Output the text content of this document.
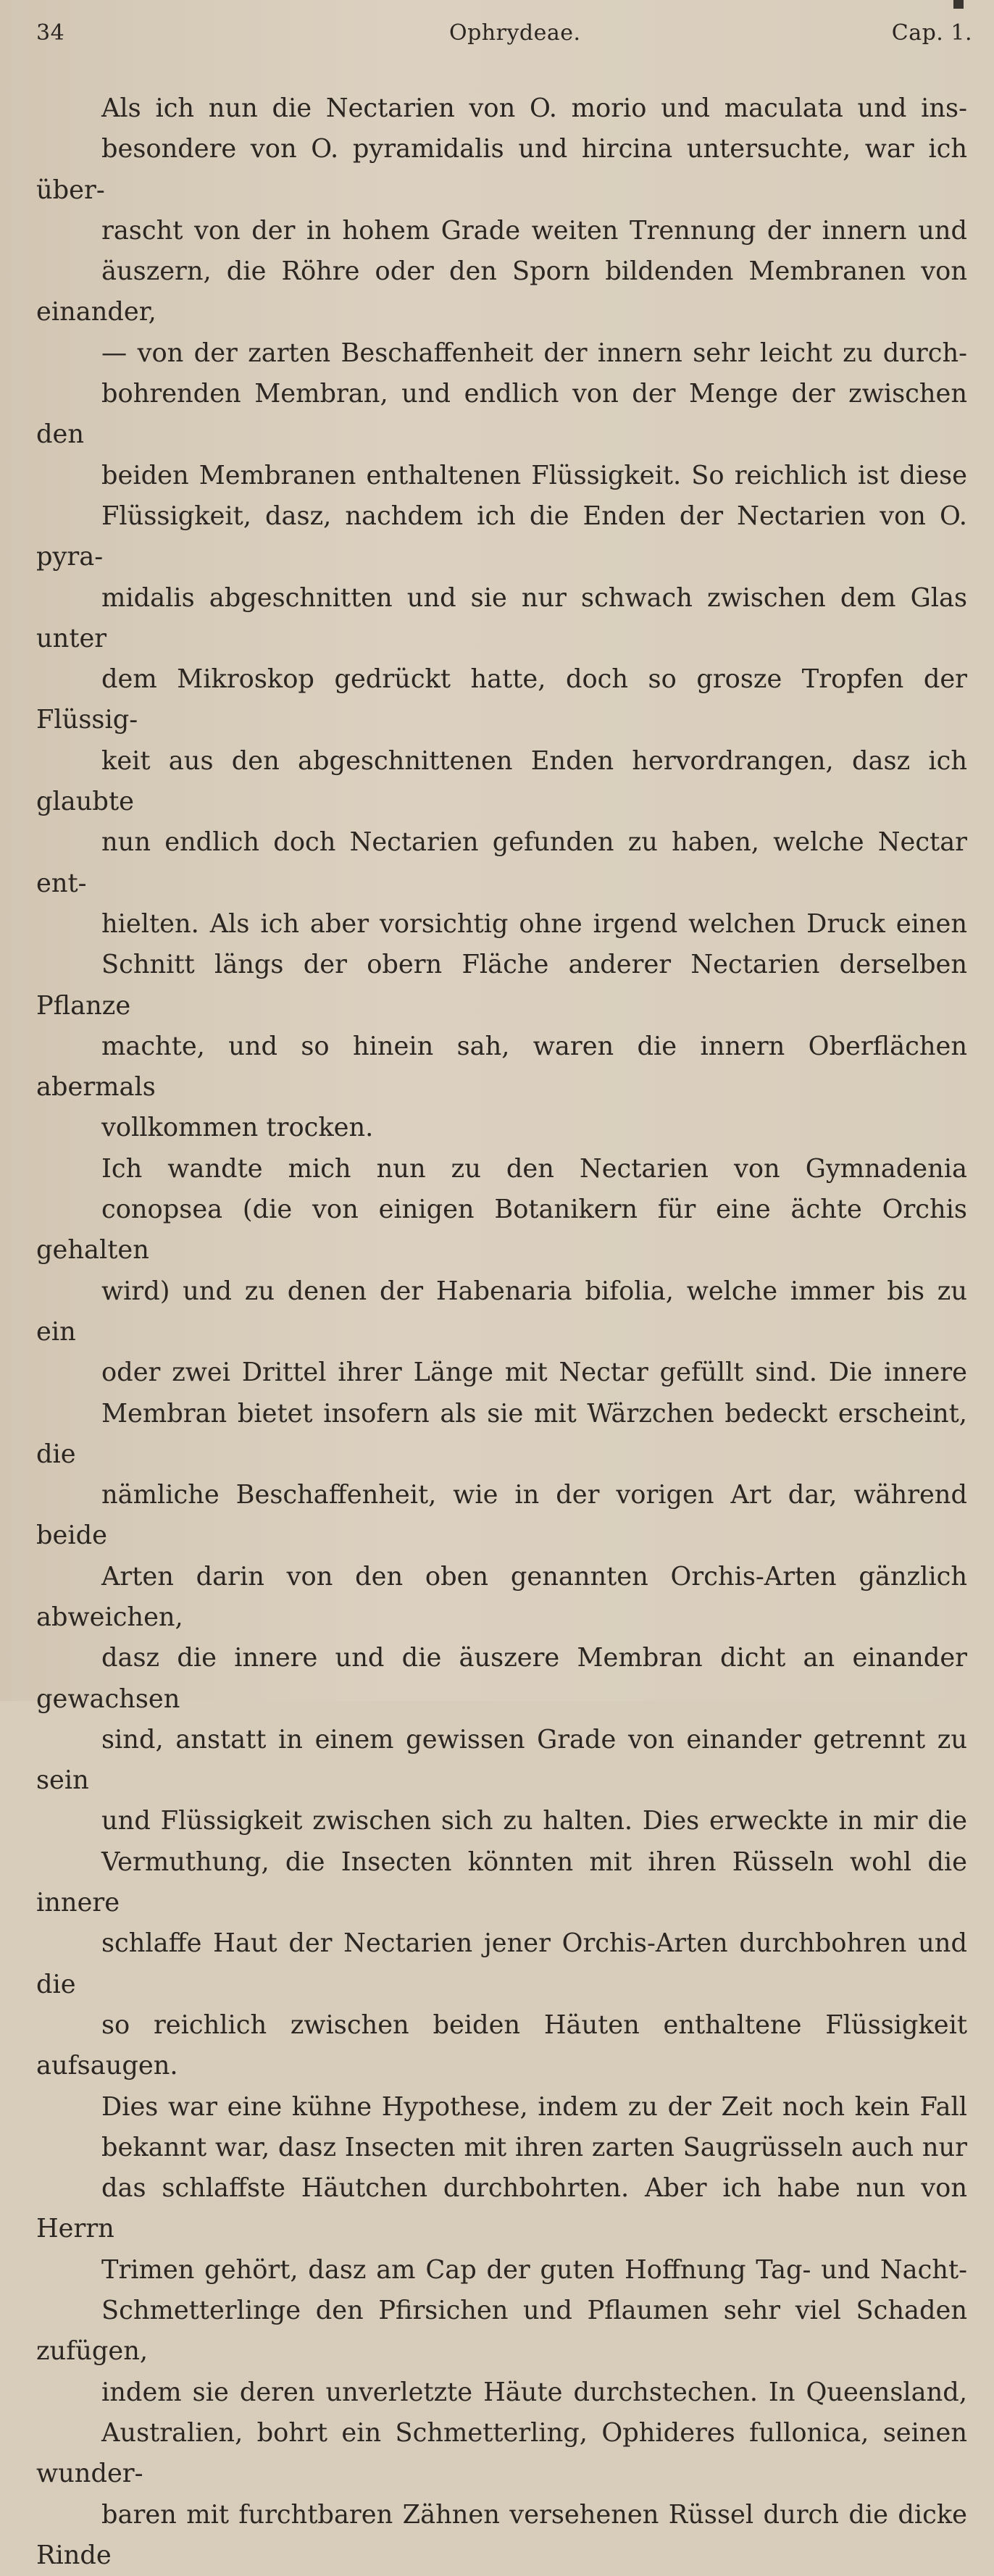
34	Ophrydeae.	Cap. 1.

Als ich nun die Nectarien von O. morio und maculata und ins-
besondere von O. pyramidalis und hircina untersuchte, war ich über-
rascht von der in hohem Grade weiten Trennung der innern und
äuszern, die Röhre oder den Sporn bildenden Membranen von einander,
— von der zarten Beschaffenheit der innern sehr leicht zu durch-
bohrenden Membran, und endlich von der Menge der zwischen den
beiden Membranen enthaltenen Flüssigkeit. So reichlich ist diese
Flüssigkeit, dasz, nachdem ich die Enden der Nectarien von O. pyra-
midalis abgeschnitten und sie nur schwach zwischen dem Glas unter
dem Mikroskop gedrückt hatte, doch so grosze Tropfen der Flüssig-
keit aus den abgeschnittenen Enden hervordrangen, dasz ich glaubte
nun endlich doch Nectarien gefunden zu haben, welche Nectar ent-
hielten. Als ich aber vorsichtig ohne irgend welchen Druck einen
Schnitt längs der obern Fläche anderer Nectarien derselben Pflanze
machte, und so hinein sah, waren die innern Oberflächen abermals
vollkommen trocken.

Ich wandte mich nun zu den Nectarien von Gymnadenia
conopsea (die von einigen Botanikern für eine ächte Orchis gehalten
wird) und zu denen der Habenaria bifolia, welche immer bis zu ein
oder zwei Drittel ihrer Länge mit Nectar gefüllt sind. Die innere
Membran bietet insofern als sie mit Wärzchen bedeckt erscheint, die
nämliche Beschaffenheit, wie in der vorigen Art dar, während beide
Arten darin von den oben genannten Orchis-Arten gänzlich abweichen,
dasz die innere und die äuszere Membran dicht an einander gewachsen
sind, anstatt in einem gewissen Grade von einander getrennt zu sein
und Flüssigkeit zwischen sich zu halten. Dies erweckte in mir die
Vermuthung, die Insecten könnten mit ihren Rüsseln wohl die innere
schlaffe Haut der Nectarien jener Orchis-Arten durchbohren und die
so reichlich zwischen beiden Häuten enthaltene Flüssigkeit aufsaugen.
Dies war eine kühne Hypothese, indem zu der Zeit noch kein Fall
bekannt war, dasz Insecten mit ihren zarten Saugrüsseln auch nur
das schlaffste Häutchen durchbohrten. Aber ich habe nun von Herrn
Trimen gehört, dasz am Cap der guten Hoffnung Tag- und Nacht-
Schmetterlinge den Pfirsichen und Pflaumen sehr viel Schaden zufügen,
indem sie deren unverletzte Häute durchstechen. In Queensland,
Australien, bohrt ein Schmetterling, Ophideres fullonica, seinen wunder-
baren mit furchtbaren Zähnen versehenen Rüssel durch die dicke Rinde
